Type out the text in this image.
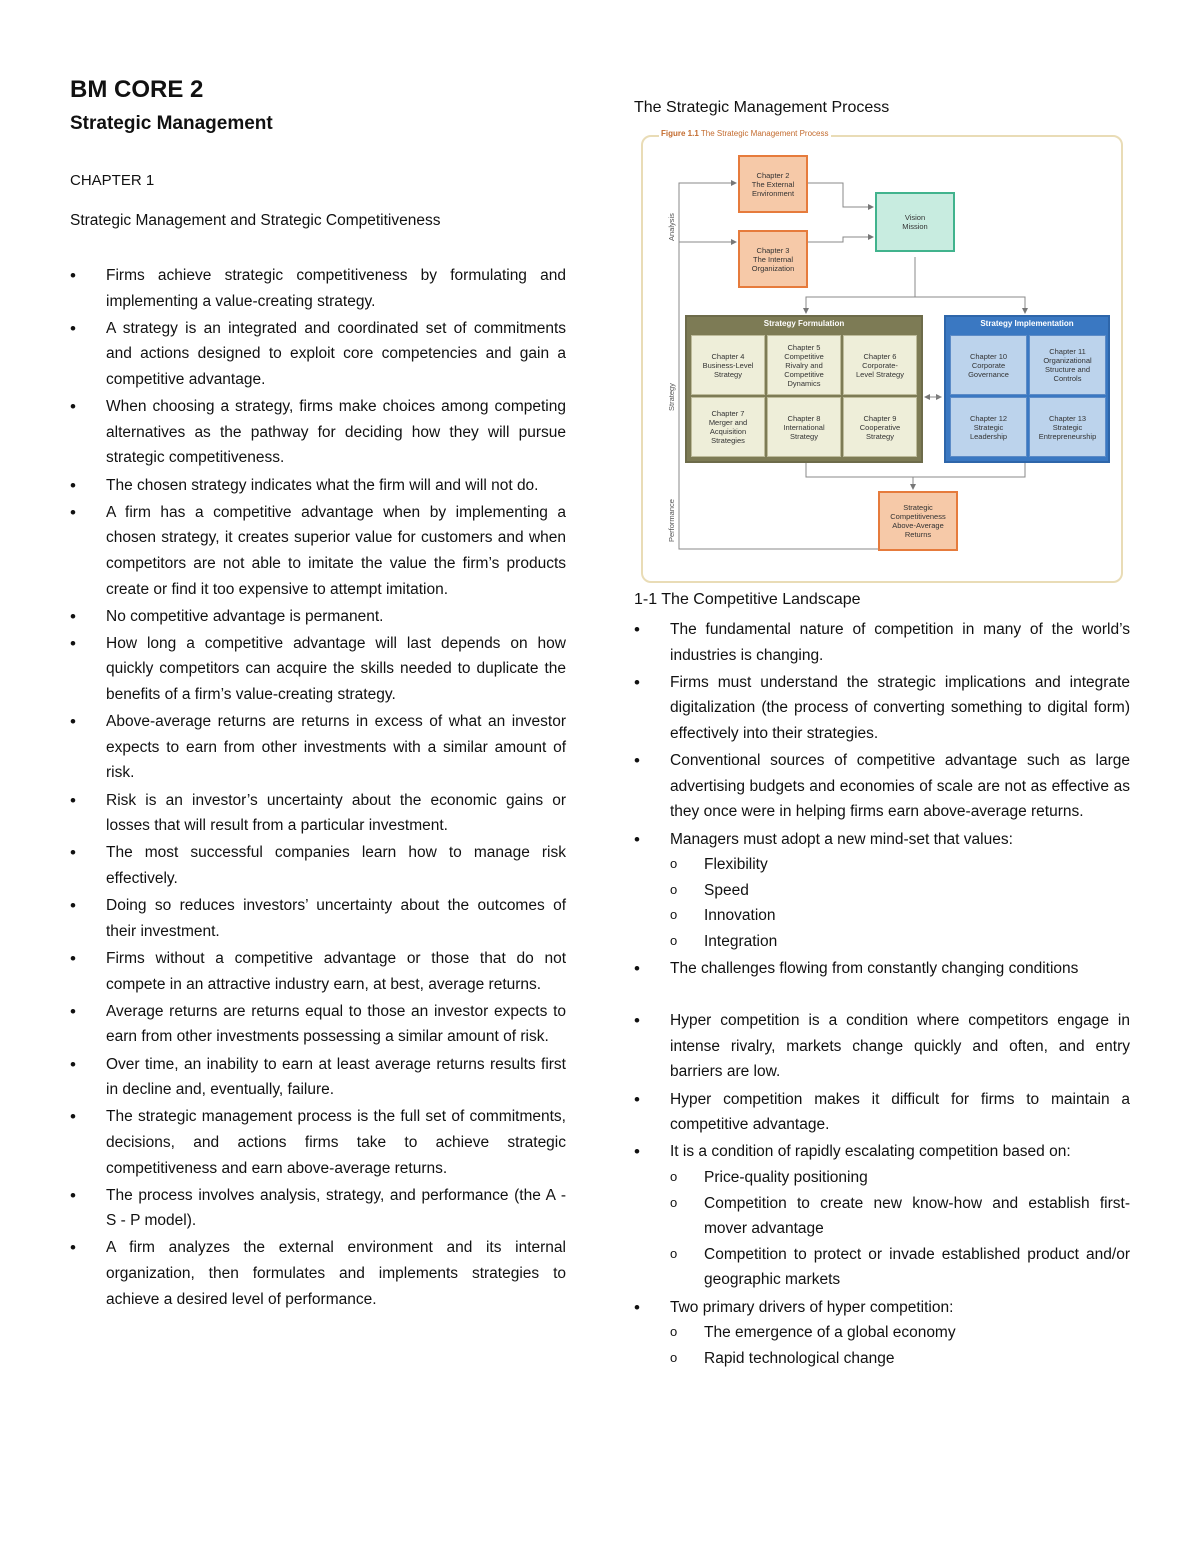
BM CORE 2
Strategic Management

CHAPTER 1

Strategic Management and Strategic Competitiveness

• Firms achieve strategic competitiveness by formulating and implementing a value-creating strategy.
• A strategy is an integrated and coordinated set of commitments and actions designed to exploit core competencies and gain a competitive advantage.
• When choosing a strategy, firms make choices among competing alternatives as the pathway for deciding how they will pursue strategic competitiveness.
• The chosen strategy indicates what the firm will and will not do.
• A firm has a competitive advantage when by implementing a chosen strategy, it creates superior value for customers and when competitors are not able to imitate the value the firm’s products create or find it too expensive to attempt imitation.
• No competitive advantage is permanent.
• How long a competitive advantage will last depends on how quickly competitors can acquire the skills needed to duplicate the benefits of a firm’s value-creating strategy.
• Above-average returns are returns in excess of what an investor expects to earn from other investments with a similar amount of risk.
• Risk is an investor’s uncertainty about the economic gains or losses that will result from a particular investment.
• The most successful companies learn how to manage risk effectively.
• Doing so reduces investors’ uncertainty about the outcomes of their investment.
• Firms without a competitive advantage or those that do not compete in an attractive industry earn, at best, average returns.
• Average returns are returns equal to those an investor expects to earn from other investments possessing a similar amount of risk.
• Over time, an inability to earn at least average returns results first in decline and, eventually, failure.
• The strategic management process is the full set of commitments, decisions, and actions firms take to achieve strategic competitiveness and earn above-average returns.
• The process involves analysis, strategy, and performance (the A - S - P model).
• A firm analyzes the external environment and its internal organization, then formulates and implements strategies to achieve a desired level of performance.

The Strategic Management Process

Figure 1.1 The Strategic Management Process
Analysis
Strategy
Performance
Chapter 2
The External
Environment
Chapter 3
The Internal
Organization
Vision
Mission
Strategy Formulation
Chapter 4
Business-Level
Strategy
Chapter 5
Competitive
Rivalry and
Competitive
Dynamics
Chapter 6
Corporate-
Level Strategy
Chapter 7
Merger and
Acquisition
Strategies
Chapter 8
International
Strategy
Chapter 9
Cooperative
Strategy
Strategy Implementation
Chapter 10
Corporate
Governance
Chapter 11
Organizational
Structure and
Controls
Chapter 12
Strategic
Leadership
Chapter 13
Strategic
Entrepreneurship
Strategic
Competitiveness
Above-Average
Returns

1-1 The Competitive Landscape

• The fundamental nature of competition in many of the world’s industries is changing.
• Firms must understand the strategic implications and integrate digitalization (the process of converting something to digital form) effectively into their strategies.
• Conventional sources of competitive advantage such as large advertising budgets and economies of scale are not as effective as they once were in helping firms earn above-average returns.
• Managers must adopt a new mind-set that values:
o Flexibility
o Speed
o Innovation
o Integration
• The challenges flowing from constantly changing conditions
• Hyper competition is a condition where competitors engage in intense rivalry, markets change quickly and often, and entry barriers are low.
• Hyper competition makes it difficult for firms to maintain a competitive advantage.
• It is a condition of rapidly escalating competition based on:
o Price-quality positioning
o Competition to create new know-how and establish first-mover advantage
o Competition to protect or invade established product and/or geographic markets
• Two primary drivers of hyper competition:
o The emergence of a global economy
o Rapid technological change
